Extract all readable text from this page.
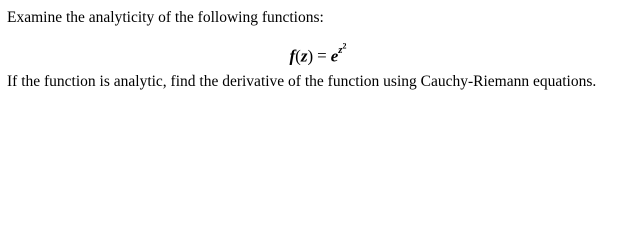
Examine the analyticity of the following functions:
$f(z) = e^{z^2}$
If the function is analytic, find the derivative of the function using Cauchy-Riemann equations.
